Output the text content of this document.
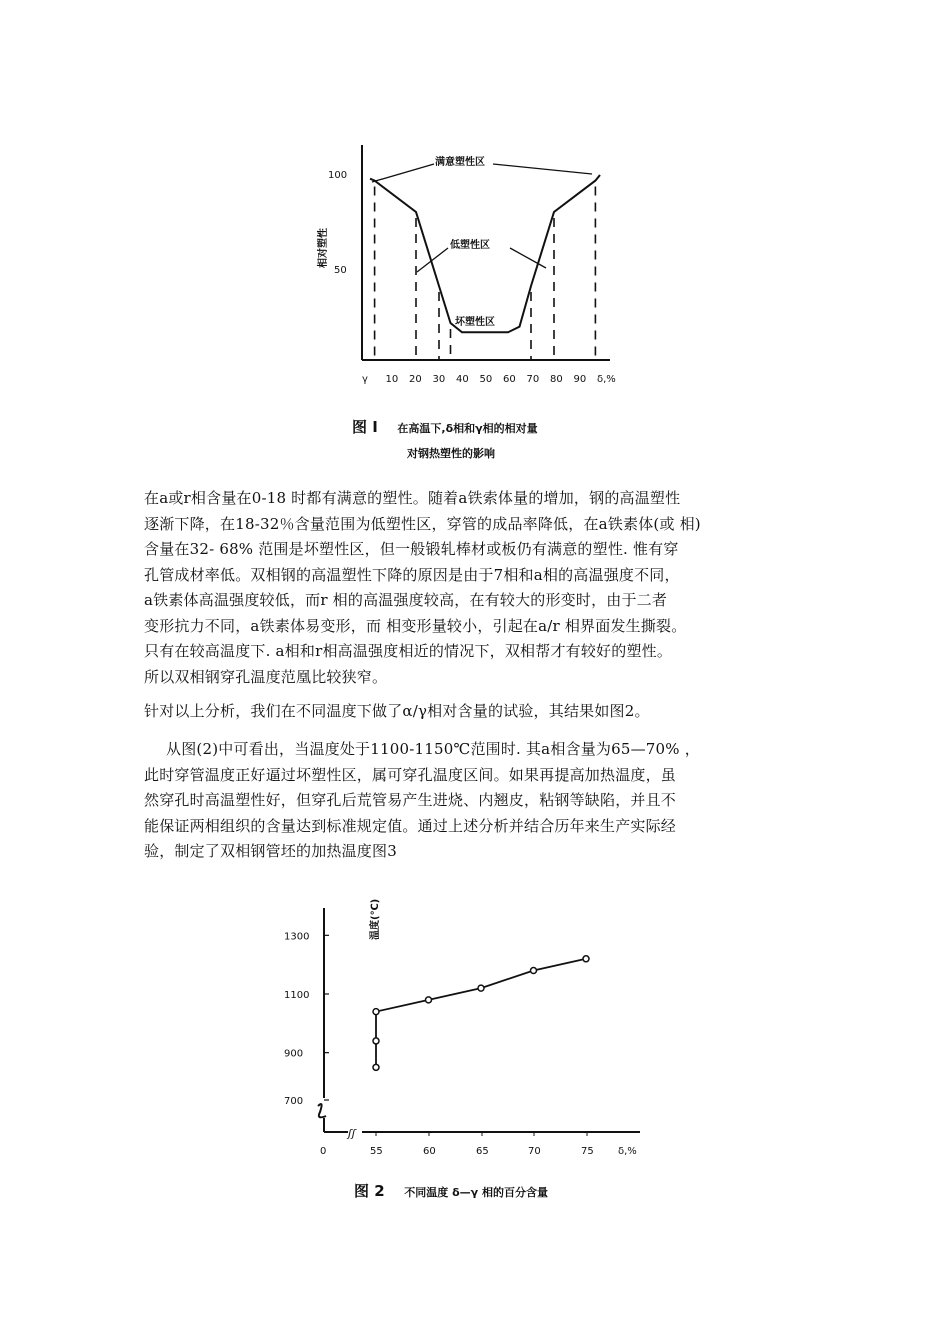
100
50
相对塑性
γ 10 20 30 40 50 60 70 80 90 δ,%
满意塑性区
低塑性区
坏塑性区
图 I 在高温下,δ相和γ相的相对量
对钢热塑性的影响
在a或r相含量在0-18 时都有满意的塑性。随着a铁索体量的增加，钢的高温塑性
逐渐下降，在18-32％含量范围为低塑性区，穿管的成品率降低，在a铁素体(或 相)
含量在32- 68% 范围是坏塑性区，但一般锻轧棒材或板仍有满意的塑性. 惟有穿
孔管成材率低。双相钢的高温塑性下降的原因是由于7相和a相的高温强度不同，
a铁素体高温强度较低，而r 相的高温强度较高，在有较大的形变时，由于二者
变形抗力不同，a铁素体易变形，而 相变形量较小，引起在a/r 相界面发生撕裂。
只有在较高温度下. a相和r相高温强度相近的情况下，双相帮才有较好的塑性。
所以双相钢穿孔温度范凰比较狭窄。
针对以上分析，我们在不同温度下做了α/γ相对含量的试验，其结果如图2。
从图(2)中可看出，当温度处于1100-1150℃范围时. 其a相含量为65—70% ，
此时穿管温度正好逼过坏塑性区，属可穿孔温度区间。如果再提高加热温度，虽
然穿孔时高温塑性好，但穿孔后荒管易产生进烧、内翘皮，粘钢等缺陷，并且不
能保证两相组织的含量达到标准规定值。通过上述分析并结合历年来生产实际经
验，制定了双相钢管坯的加热温度图3
ʃʃ
1300
1100
900
700
0	55	60	65	70	75 δ,%
温度(℃)
图 2 不同温度 δ—γ 相的百分含量
